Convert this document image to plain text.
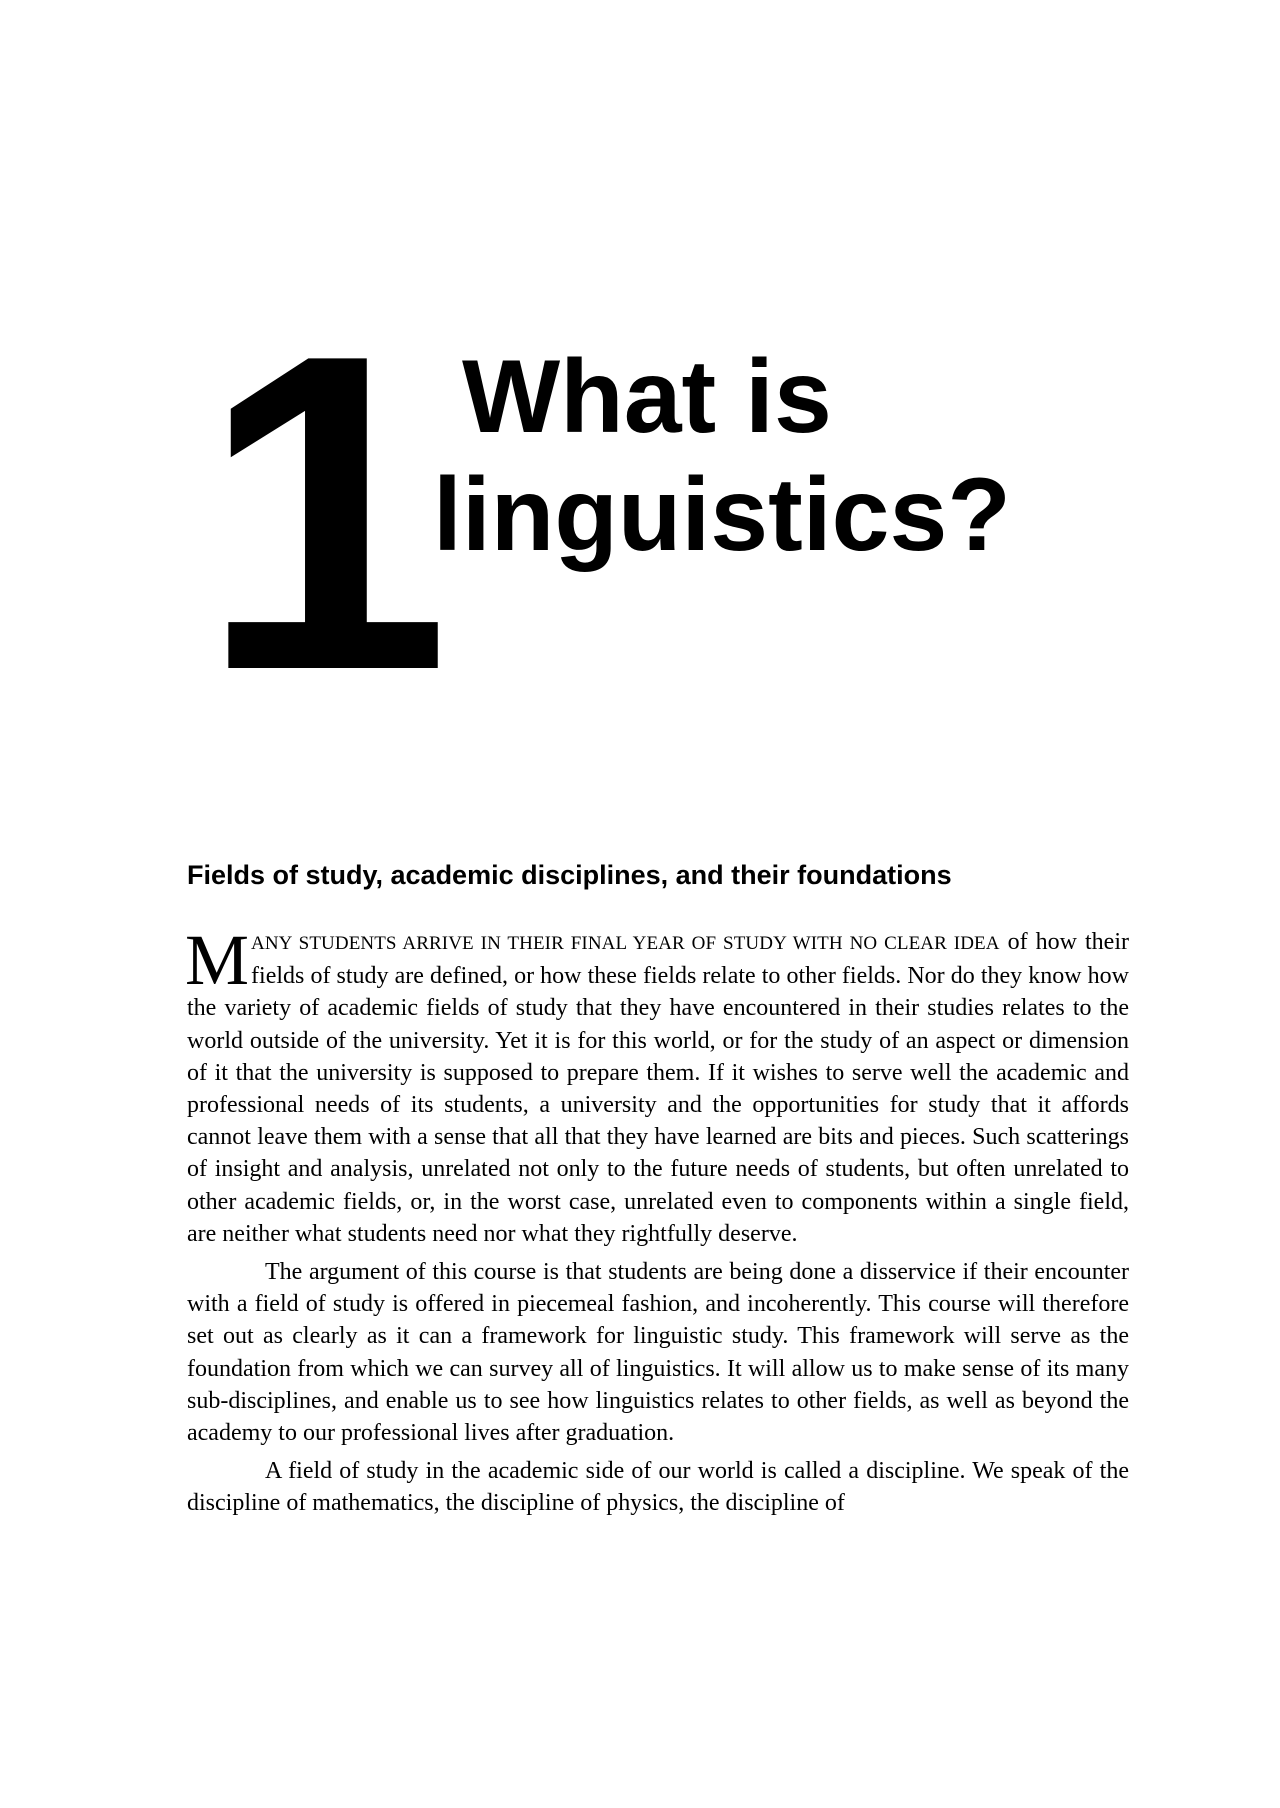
1 What is
linguistics?
Fields of study, academic disciplines, and their foundations

MANY STUDENTS ARRIVE IN THEIR FINAL YEAR OF STUDY WITH NO CLEAR IDEA of how their fields of study are defined, or how these fields relate to other fields. Nor do they know how the variety of academic fields of study that they have encountered in their studies relates to the world outside of the university. Yet it is for this world, or for the study of an aspect or dimension of it that the university is supposed to prepare them. If it wishes to serve well the academic and professional needs of its students, a university and the opportunities for study that it affords cannot leave them with a sense that all that they have learned are bits and pieces. Such scatterings of insight and analysis, unrelated not only to the future needs of students, but often unrelated to other academic fields, or, in the worst case, unrelated even to components within a single field, are neither what students need nor what they rightfully deserve.

The argument of this course is that students are being done a disservice if their encounter with a field of study is offered in piecemeal fashion, and incoherently. This course will therefore set out as clearly as it can a framework for linguistic study. This framework will serve as the foundation from which we can survey all of linguistics. It will allow us to make sense of its many sub-disciplines, and enable us to see how linguistics relates to other fields, as well as beyond the academy to our professional lives after graduation.

A field of study in the academic side of our world is called a discipline. We speak of the discipline of mathematics, the discipline of physics, the discipline of
